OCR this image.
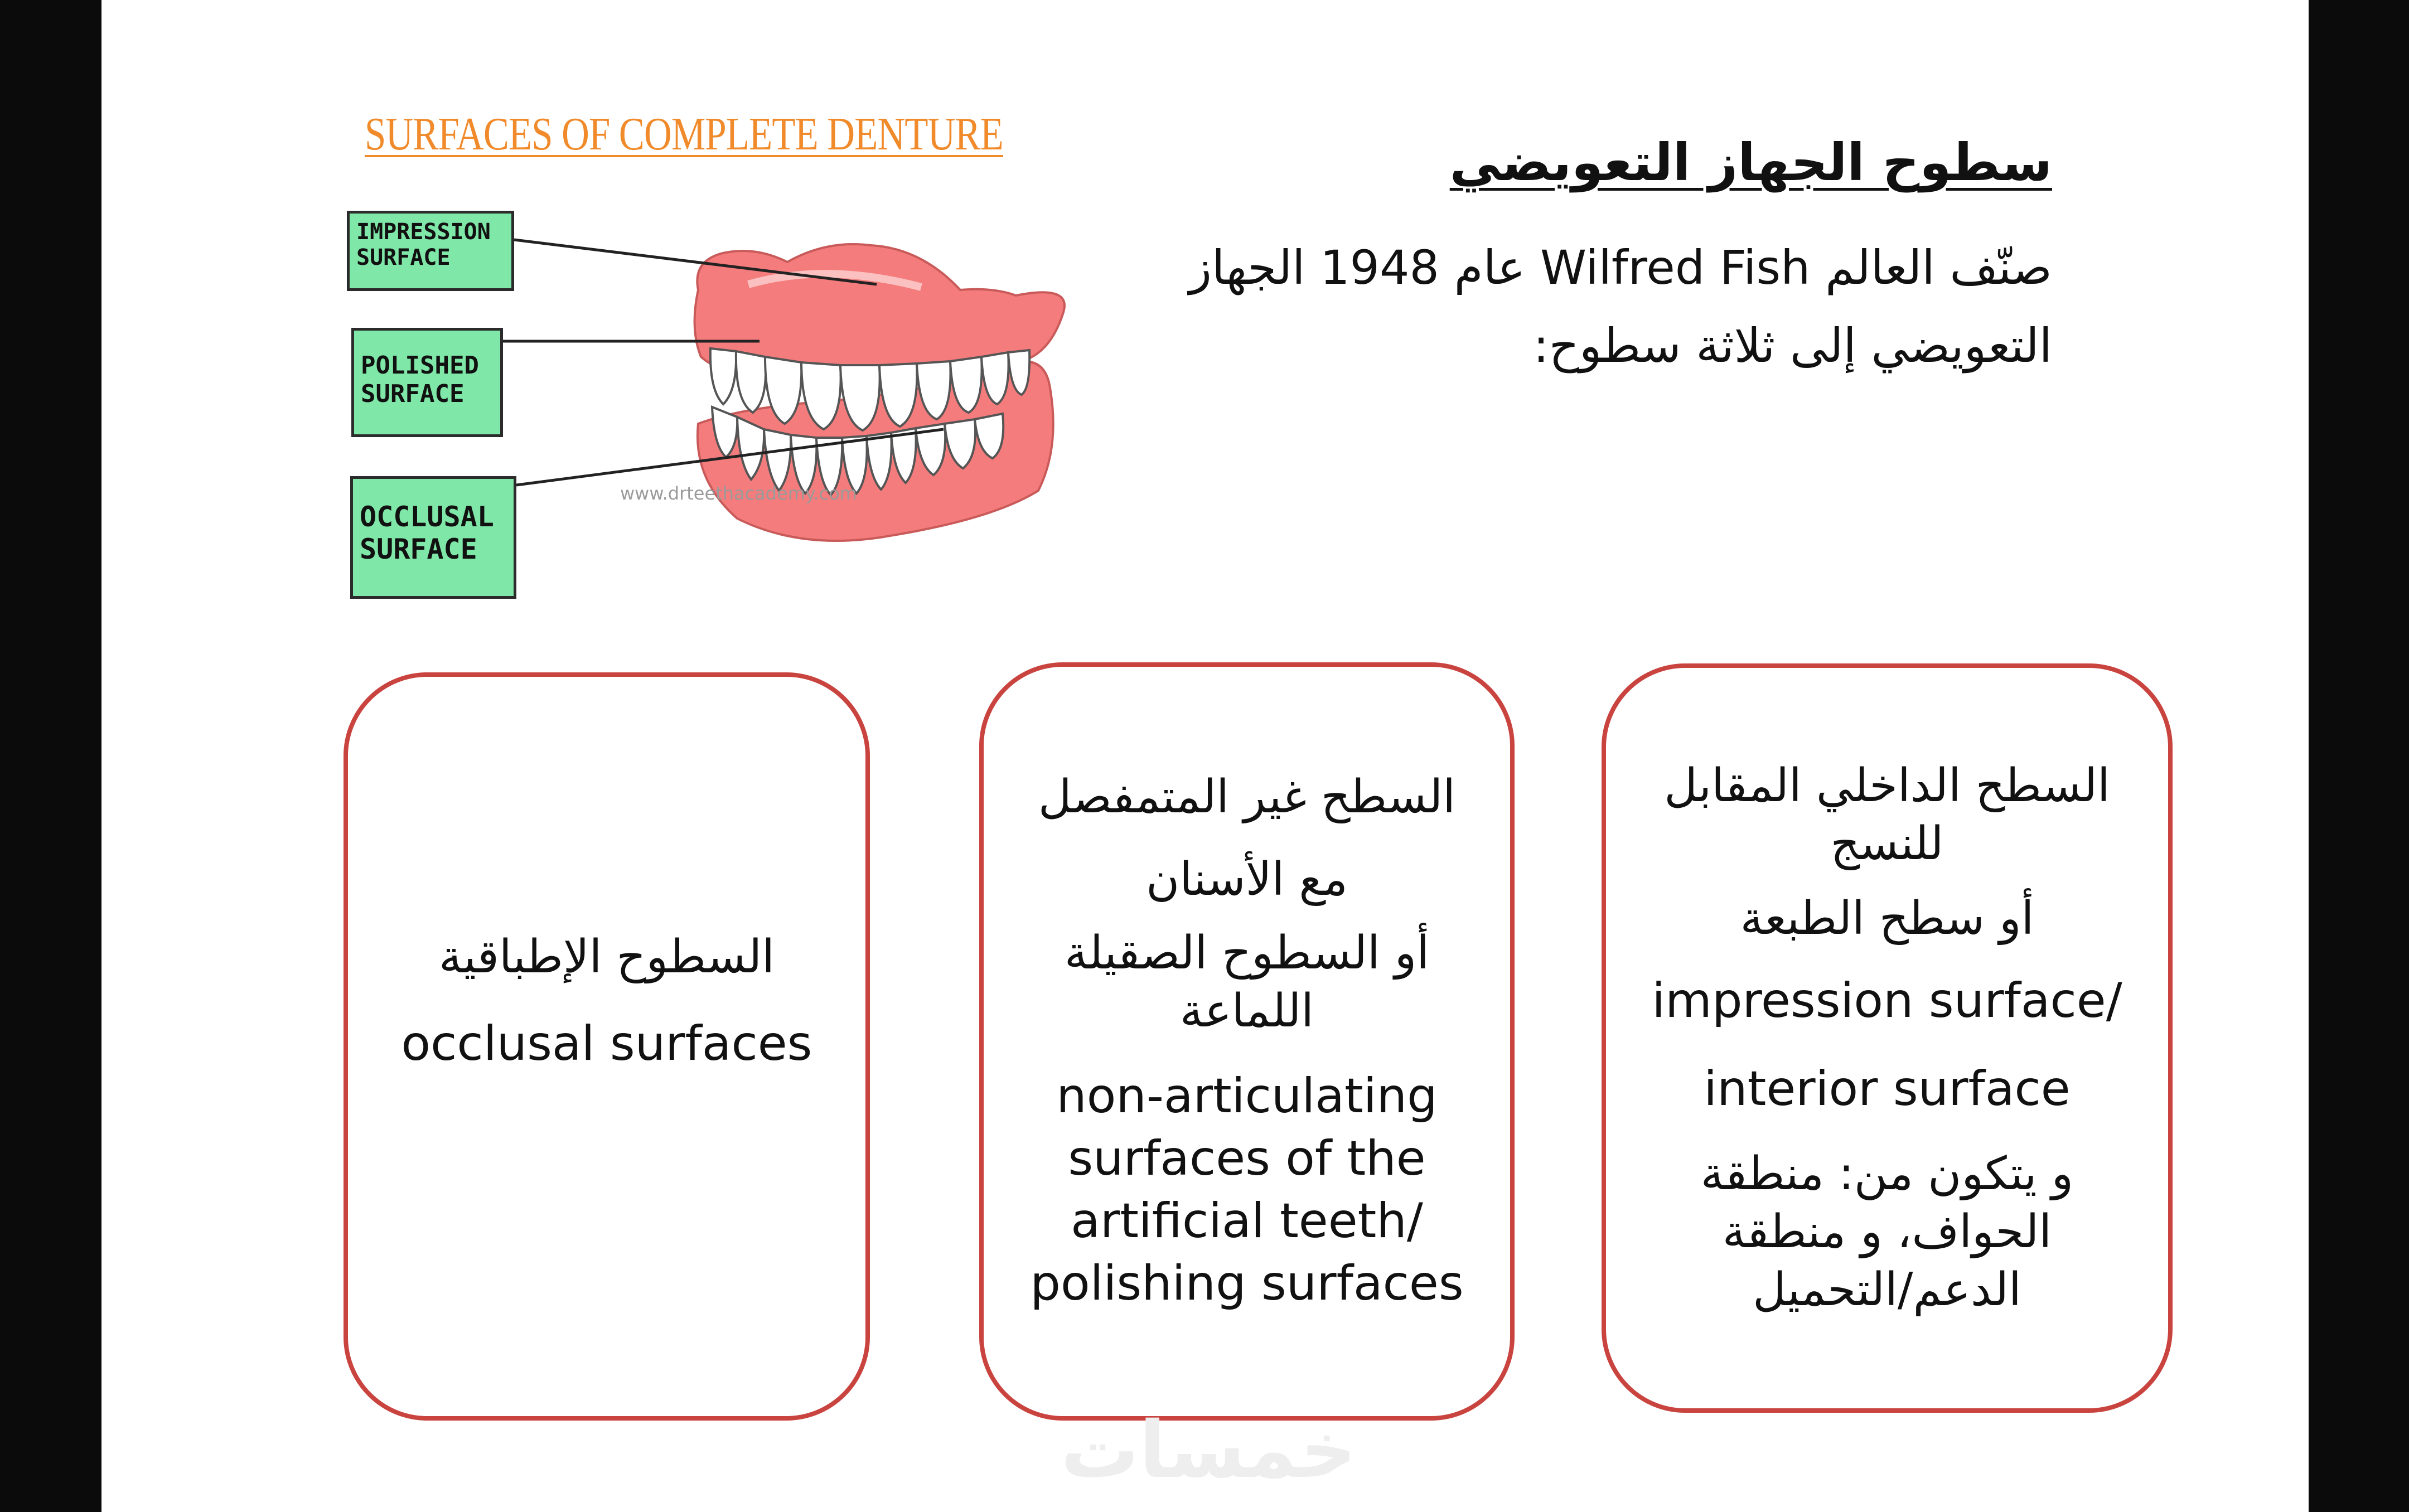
SURFACES OF COMPLETE DENTURE
www.drteethacademy.com
IMPRESSION
SURFACE
POLISHED
SURFACE
OCCLUSAL
SURFACE
سطوح الجهاز التعويضي

صنّف العالم Wilfred Fish عام 1948 الجهاز

التعويضي إلى ثلاثة سطوح:

السطوح الإطباقية

occlusal surfaces

السطح غير المتمفصل

مع الأسنان

أو السطوح الصقيلة

اللماعة

non-articulating

surfaces of the

artificial teeth/

polishing surfaces

السطح الداخلي المقابل

للنسج

أو سطح الطبعة

impression surface/

interior surface

و يتكون من: منطقة

الحواف، و منطقة

الدعم/التحميل

خمسات
